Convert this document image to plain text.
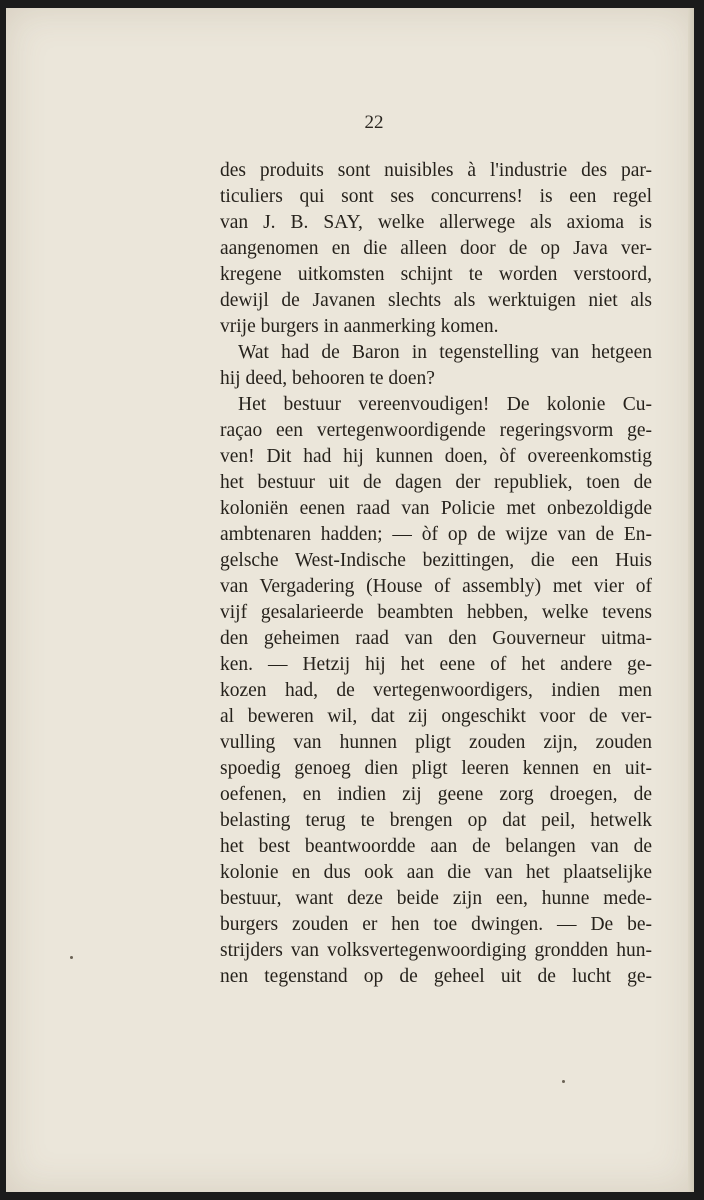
22
des produits sont nuisibles à l'industrie des par-
ticuliers qui sont ses concurrens! is een regel
van J. B. SAY, welke allerwege als axioma is
aangenomen en die alleen door de op Java ver-
kregene uitkomsten schijnt te worden verstoord,
dewijl de Javanen slechts als werktuigen niet als
vrije burgers in aanmerking komen.
Wat had de Baron in tegenstelling van hetgeen
hij deed, behooren te doen?
Het bestuur vereenvoudigen! De kolonie Cu-
raçao een vertegenwoordigende regeringsvorm ge-
ven! Dit had hij kunnen doen, òf overeenkomstig
het bestuur uit de dagen der republiek, toen de
koloniën eenen raad van Policie met onbezoldigde
ambtenaren hadden; — òf op de wijze van de En-
gelsche West-Indische bezittingen, die een Huis
van Vergadering (House of assembly) met vier of
vijf gesalarieerde beambten hebben, welke tevens
den geheimen raad van den Gouverneur uitma-
ken. — Hetzij hij het eene of het andere ge-
kozen had, de vertegenwoordigers, indien men
al beweren wil, dat zij ongeschikt voor de ver-
vulling van hunnen pligt zouden zijn, zouden
spoedig genoeg dien pligt leeren kennen en uit-
oefenen, en indien zij geene zorg droegen, de
belasting terug te brengen op dat peil, hetwelk
het best beantwoordde aan de belangen van de
kolonie en dus ook aan die van het plaatselijke
bestuur, want deze beide zijn een, hunne mede-
burgers zouden er hen toe dwingen. — De be-
strijders van volksvertegenwoordiging grondden hun-
nen tegenstand op de geheel uit de lucht ge-
